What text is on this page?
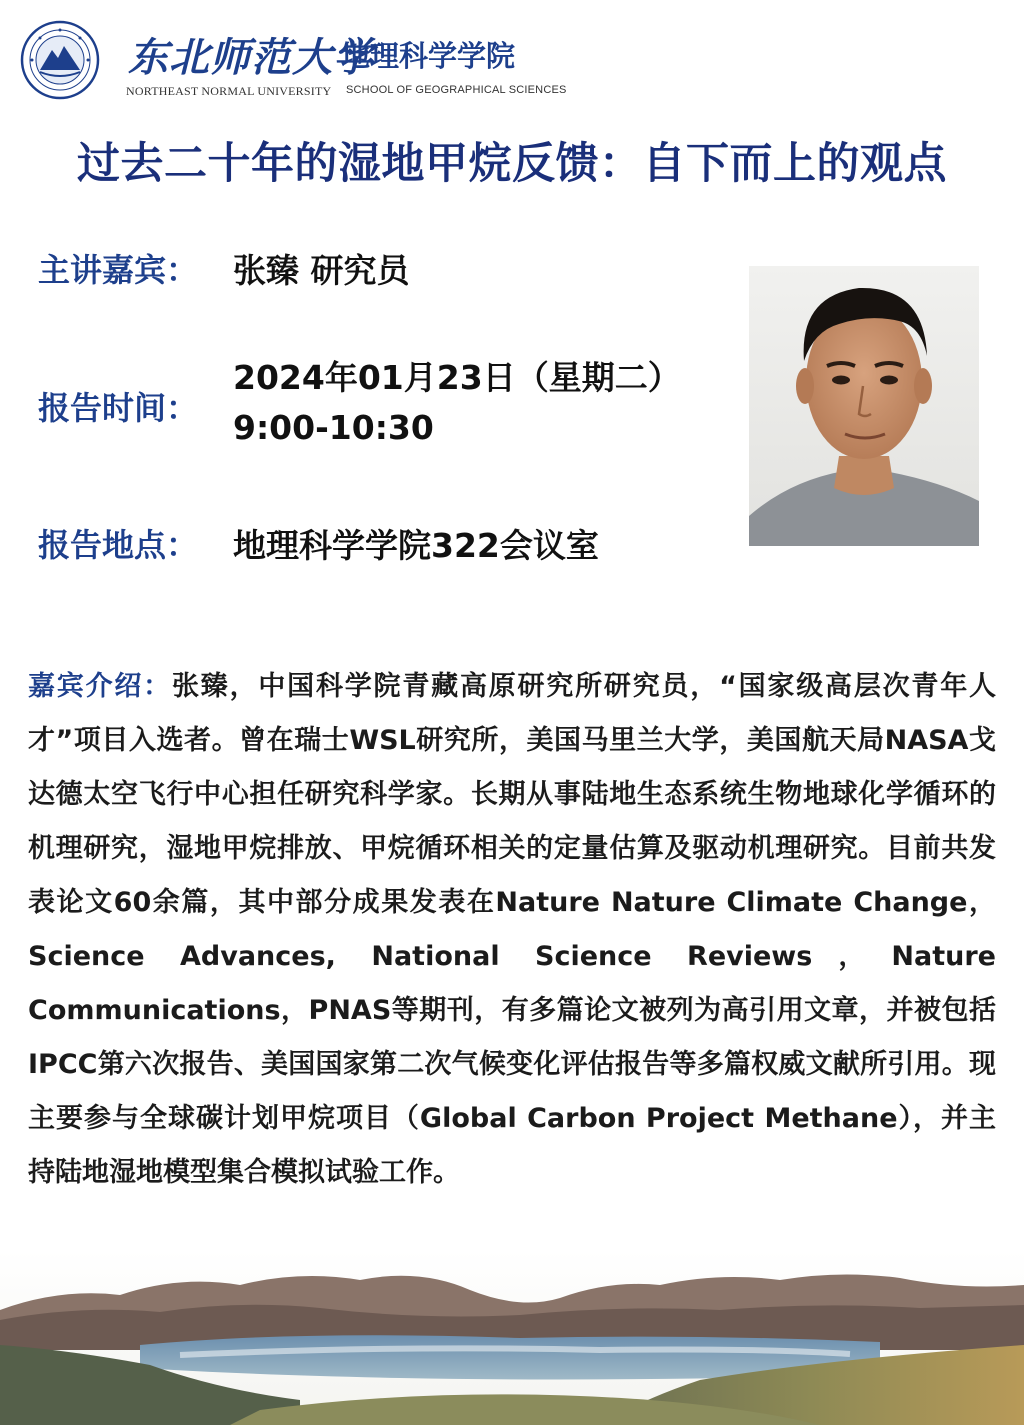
东北师范大学
地理科学学院
NORTHEAST NORMAL UNIVERSITY SCHOOL OF GEOGRAPHICAL SCIENCES
过去二十年的湿地甲烷反馈：自下而上的观点
主讲嘉宾： 张臻 研究员
报告时间：
2024年01月23日（星期二）
9:00-10:30
报告地点： 地理科学学院322会议室
嘉宾介绍：张臻，中国科学院青藏高原研究所研究员，“国家级高层次青年人才”项目入选者。曾在瑞士WSL研究所，美国马里兰大学，美国航天局NASA戈达德太空飞行中心担任研究科学家。长期从事陆地生态系统生物地球化学循环的机理研究，湿地甲烷排放、甲烷循环相关的定量估算及驱动机理研究。目前共发表论文60余篇，其中部分成果发表在Nature Nature Climate Change，Science Advances, National Science Reviews，Nature Communications，PNAS等期刊，有多篇论文被列为高引用文章，并被包括IPCC第六次报告、美国国家第二次气候变化评估报告等多篇权威文献所引用。现主要参与全球碳计划甲烷项目（Global Carbon Project Methane），并主持陆地湿地模型集合模拟试验工作。
